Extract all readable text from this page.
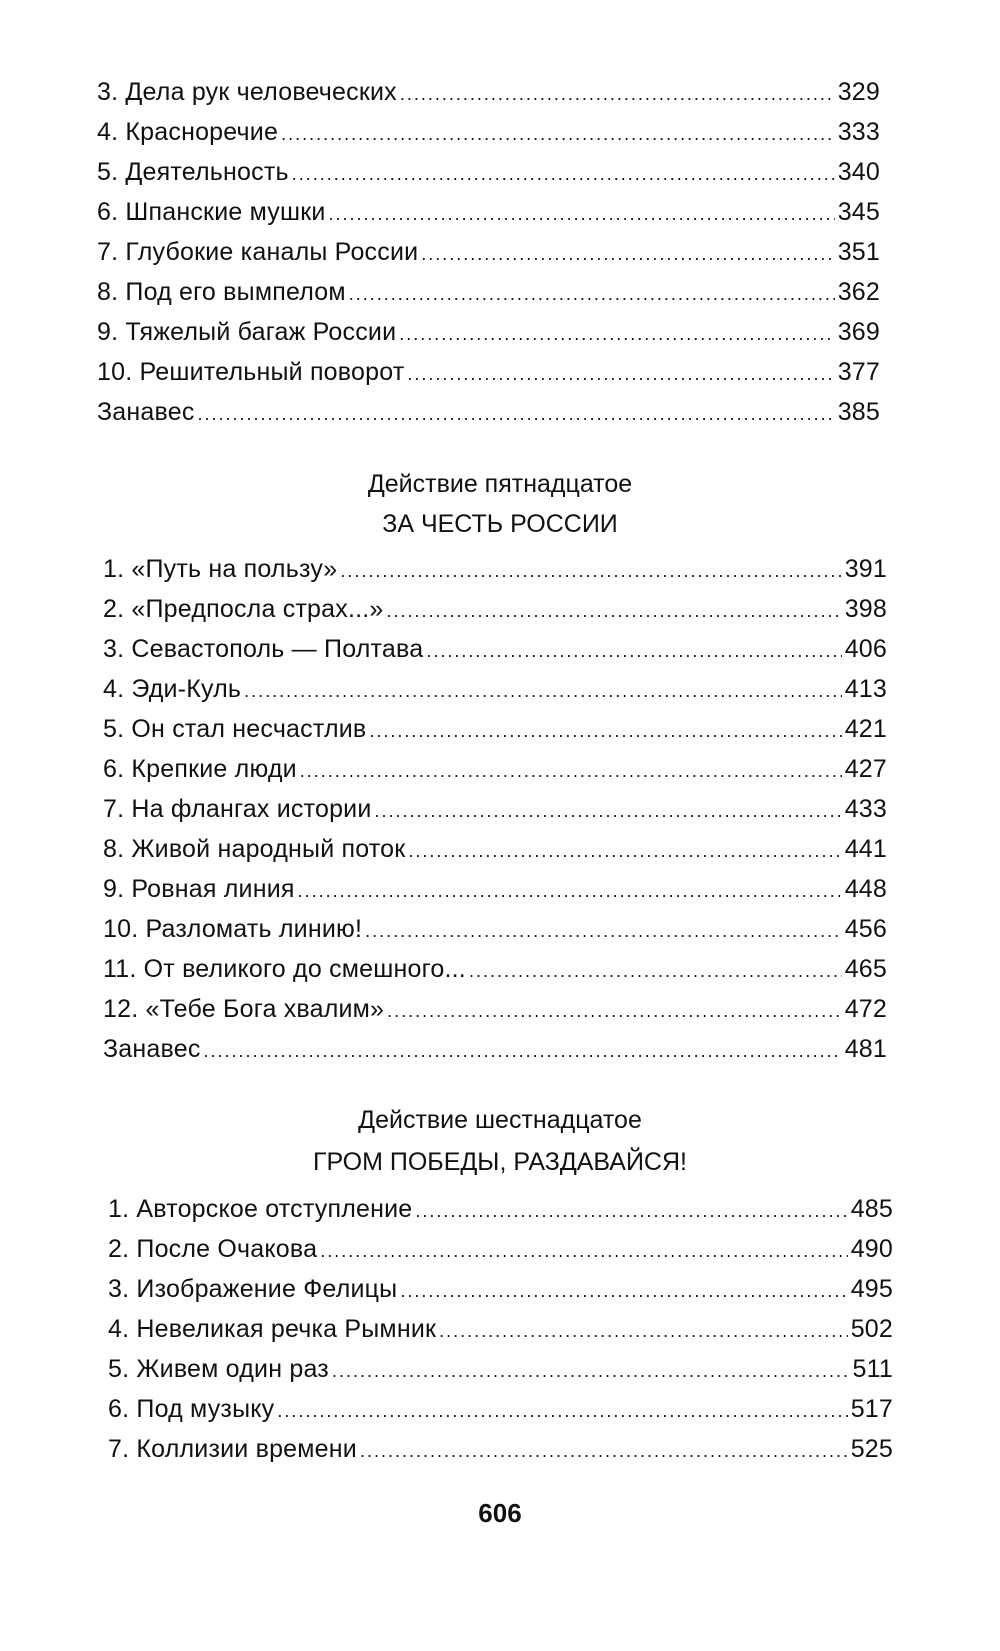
3. Дела рук человеческих .....	329
4. Красноречие .....	333
5. Деятельность .....	340
6. Шпанские мушки .....	345
7. Глубокие каналы России .....	351
8. Под его вымпелом .....	362
9. Тяжелый багаж России .....	369
10. Решительный поворот .....	377
Занавес .....	385
Действие пятнадцатое
ЗА ЧЕСТЬ РОССИИ
1. «Путь на пользу» .....	391
2. «Предпосла страх...» .....	398
3. Севастополь — Полтава .....	406
4. Эди-Куль .....	413
5. Он стал несчастлив .....	421
6. Крепкие люди .....	427
7. На флангах истории .....	433
8. Живой народный поток .....	441
9. Ровная линия .....	448
10. Разломать линию! .....	456
11. От великого до смешного... .....	465
12. «Тебе Бога хвалим» .....	472
Занавес .....	481
Действие шестнадцатое
ГРОМ ПОБЕДЫ, РАЗДАВАЙСЯ!
1. Авторское отступление .....	485
2. После Очакова .....	490
3. Изображение Фелицы .....	495
4. Невеликая речка Рымник .....	502
5. Живем один раз .....	511
6. Под музыку .....	517
7. Коллизии времени .....	525
606
